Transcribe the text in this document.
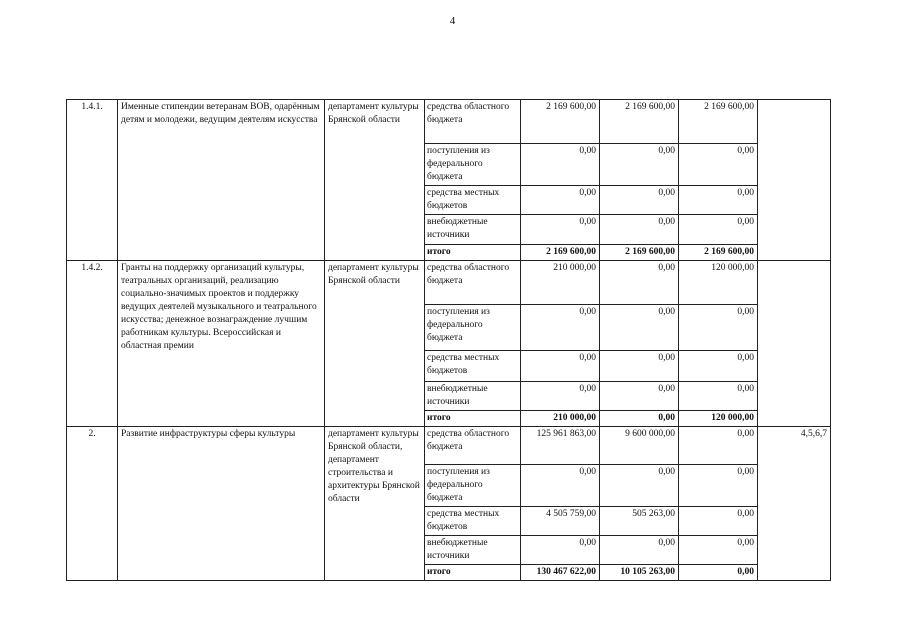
4
1.4.1.	Именные стипендии ветеранам ВОВ, одарённым детям и молодежи, ведущим деятелям искусства	департамент культуры Брянской области	средства областного бюджета	2 169 600,00	2 169 600,00	2 169 600,00	
			поступления из федерального бюджета	0,00	0,00	0,00	
			средства местных бюджетов	0,00	0,00	0,00	
			внебюджетные источники	0,00	0,00	0,00	
			итого	2 169 600,00	2 169 600,00	2 169 600,00	
1.4.2.	Гранты на поддержку организаций культуры, театральных организаций, реализацию социально-значимых проектов и поддержку ведущих деятелей музыкального и театрального искусства; денежное вознаграждение лучшим работникам культуры. Всероссийская и областная премии	департамент культуры Брянской области	средства областного бюджета	210 000,00	0,00	120 000,00	
			поступления из федерального бюджета	0,00	0,00	0,00	
			средства местных бюджетов	0,00	0,00	0,00	
			внебюджетные источники	0,00	0,00	0,00	
			итого	210 000,00	0,00	120 000,00	
2.	Развитие инфраструктуры сферы культуры	департамент культуры Брянской области, департамент строительства и архитектуры Брянской области	средства областного бюджета	125 961 863,00	9 600 000,00	0,00	4,5,6,7
			поступления из федерального бюджета	0,00	0,00	0,00	
			средства местных бюджетов	4 505 759,00	505 263,00	0,00	
			внебюджетные источники	0,00	0,00	0,00	
			итого	130 467 622,00	10 105 263,00	0,00	
